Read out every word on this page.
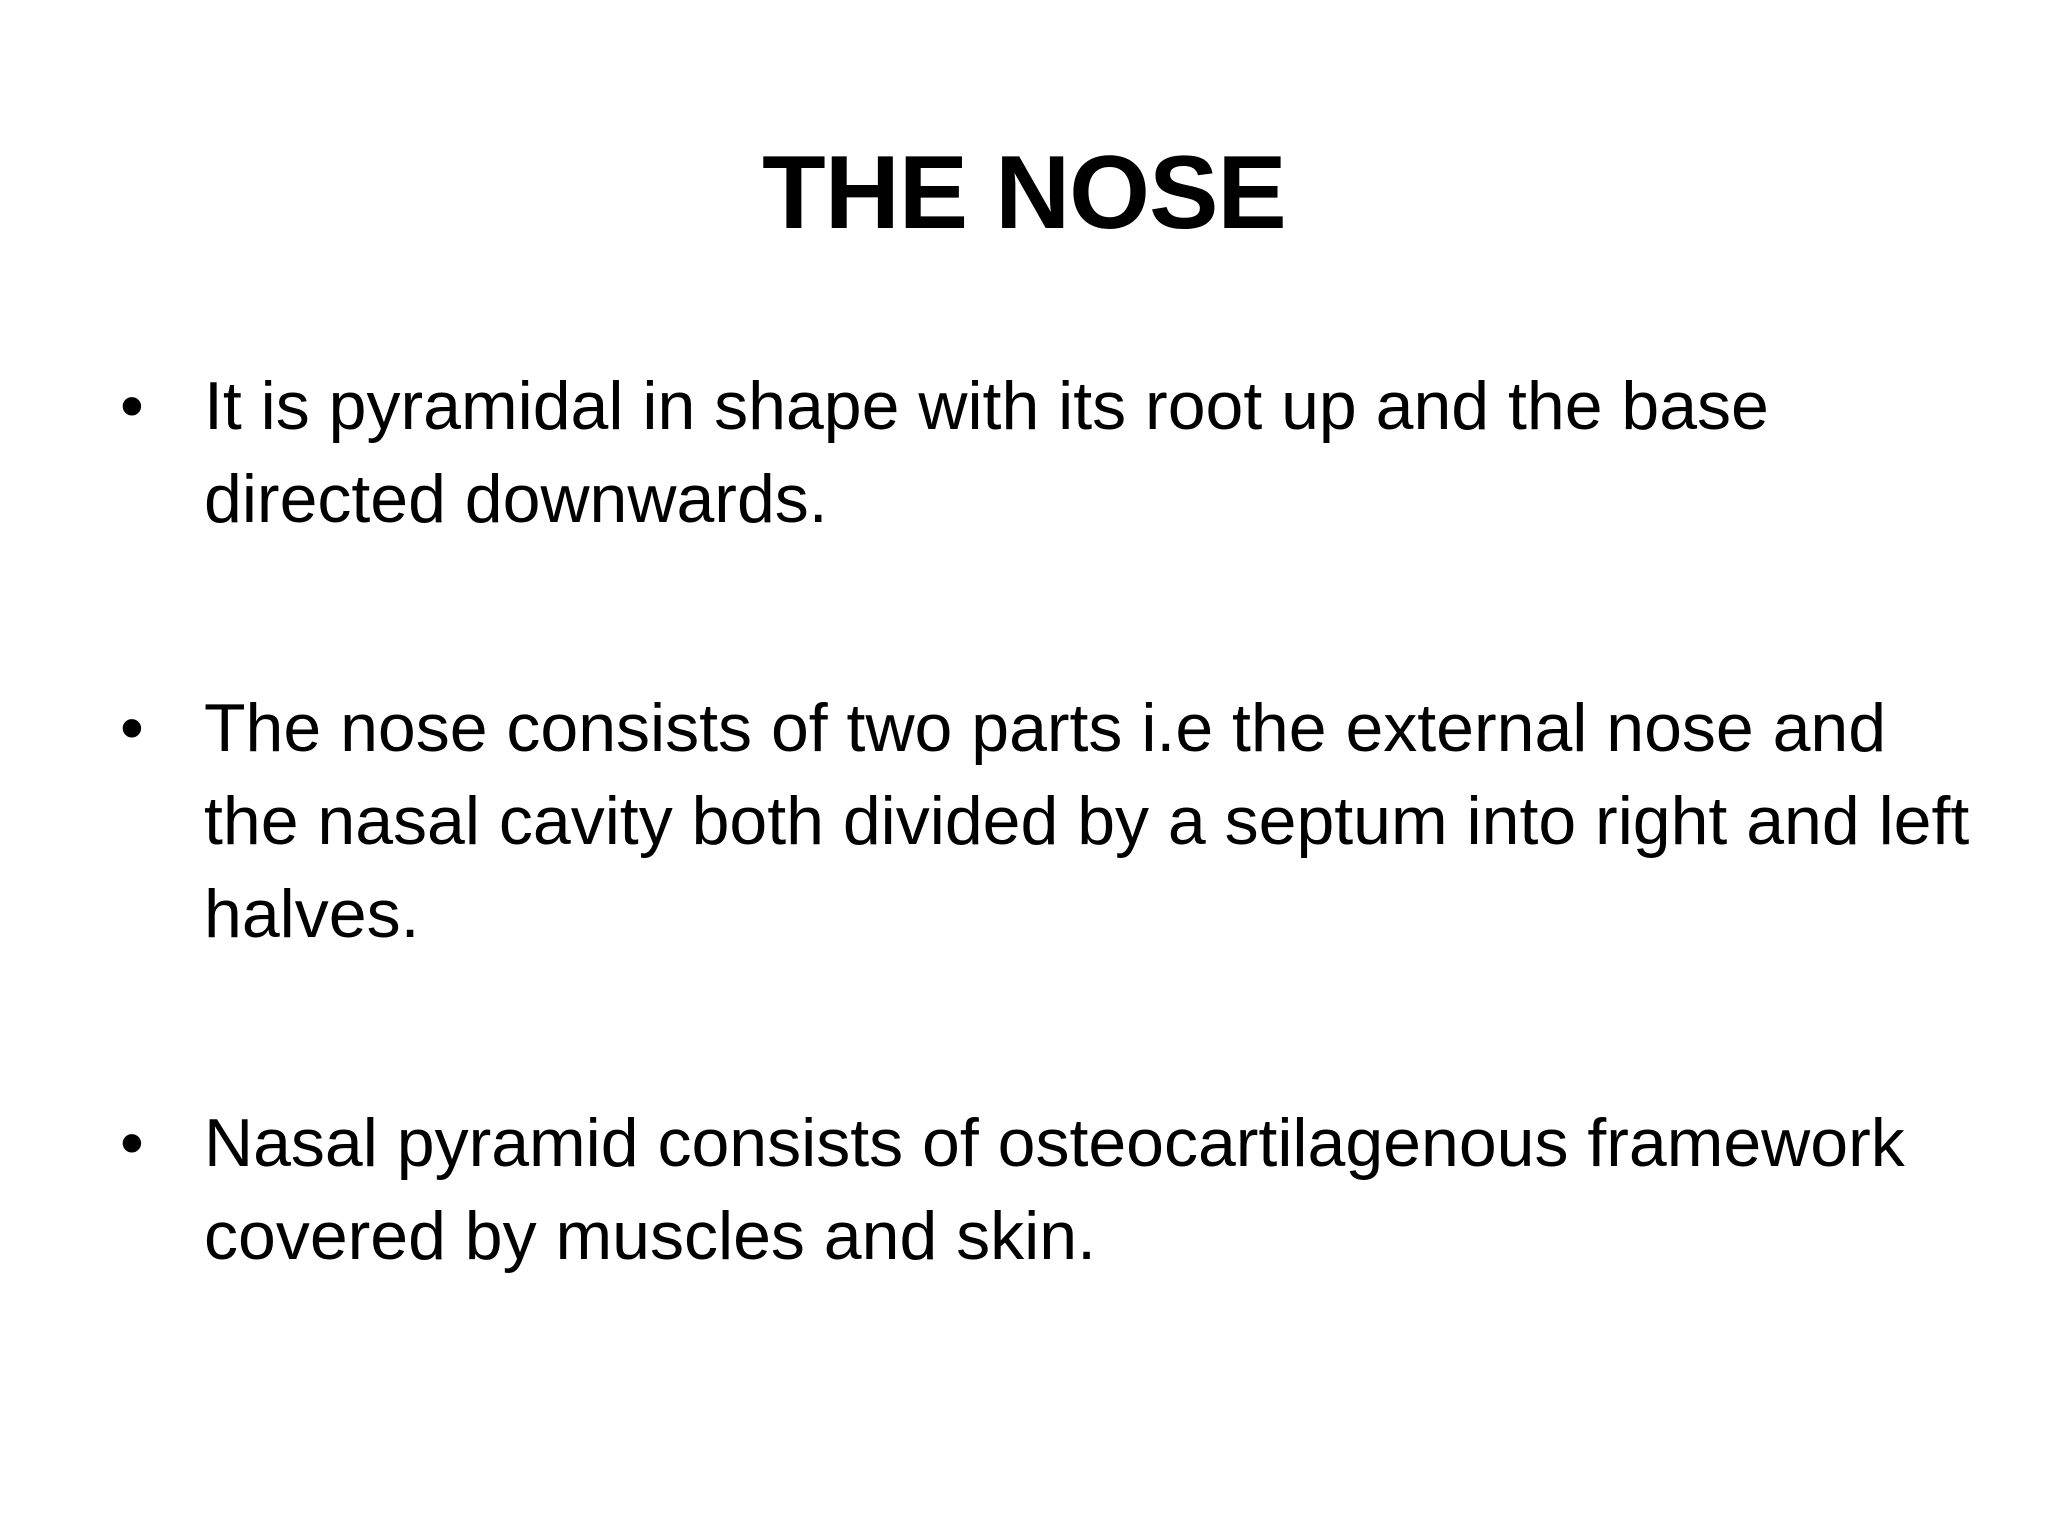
THE NOSE
• It is pyramidal in shape with its root up and the base directed downwards.
• The nose consists of two parts i.e the external nose and the nasal cavity both divided by a septum into right and left halves.
• Nasal pyramid consists of osteocartilagenous framework covered by muscles and skin.
